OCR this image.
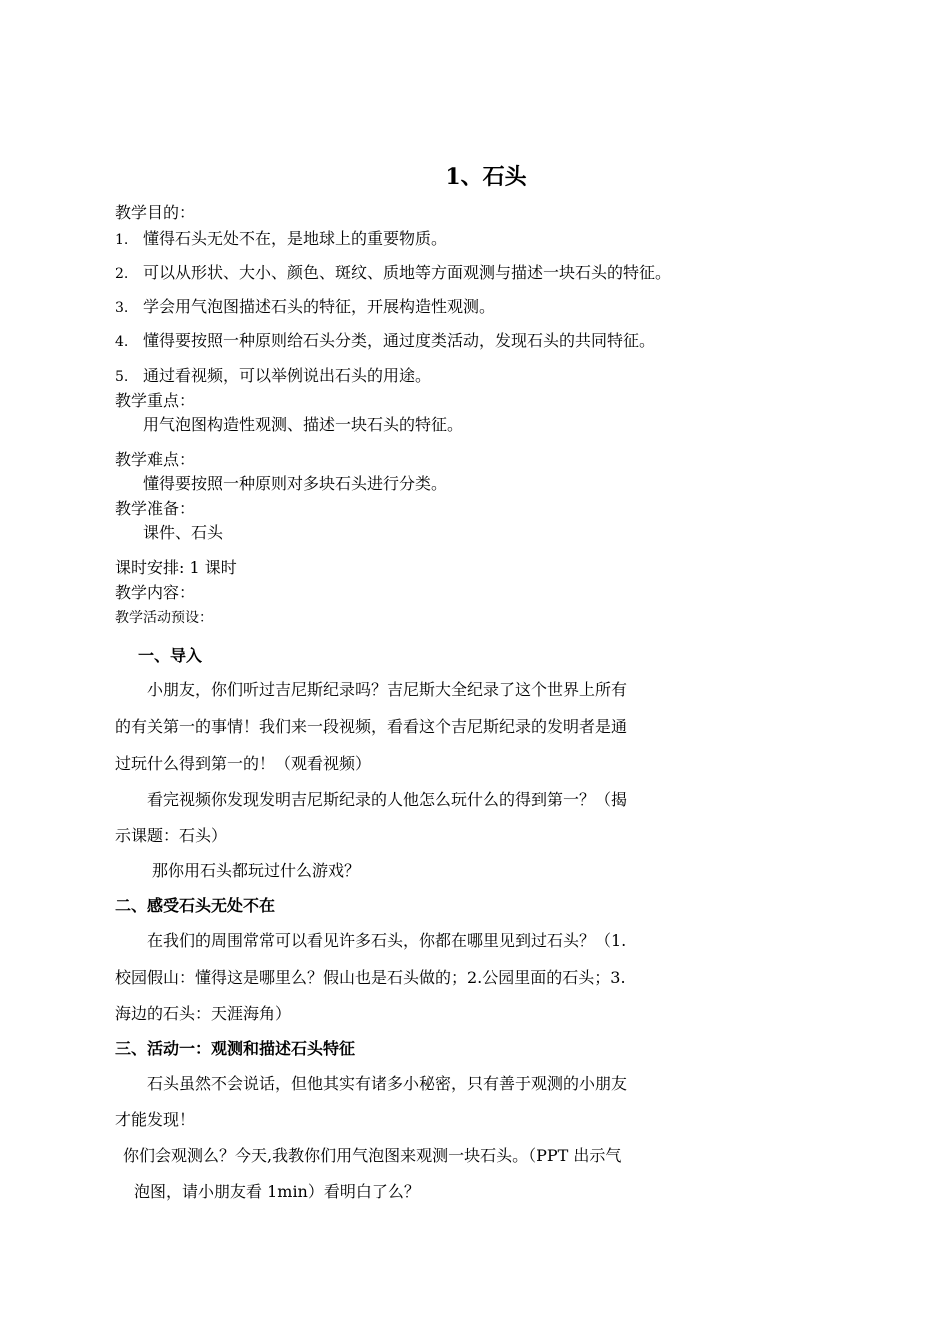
1、石头
教学目的：
1. 懂得石头无处不在，是地球上的重要物质。
2. 可以从形状、大小、颜色、斑纹、质地等方面观测与描述一块石头的特征。
3. 学会用气泡图描述石头的特征，开展构造性观测。
4. 懂得要按照一种原则给石头分类，通过度类活动，发现石头的共同特征。
5. 通过看视频，可以举例说出石头的用途。
教学重点：
用气泡图构造性观测、描述一块石头的特征。
教学难点：
懂得要按照一种原则对多块石头进行分类。
教学准备：
课件、石头
课时安排: 1 课时
教学内容：
教学活动预设：
一、导入
小朋友，你们听过吉尼斯纪录吗？吉尼斯大全纪录了这个世界上所有
的有关第一的事情！我们来一段视频，看看这个吉尼斯纪录的发明者是通
过玩什么得到第一的！（观看视频）
看完视频你发现发明吉尼斯纪录的人他怎么玩什么的得到第一？（揭
示课题：石头）
那你用石头都玩过什么游戏？
二、感受石头无处不在
在我们的周围常常可以看见许多石头，你都在哪里见到过石头？（1.
校园假山：懂得这是哪里么？假山也是石头做的；2.公园里面的石头；3.
海边的石头：天涯海角）
三、活动一：观测和描述石头特征
石头虽然不会说话，但他其实有诸多小秘密，只有善于观测的小朋友
才能发现！
你们会观测么？今天,我教你们用气泡图来观测一块石头。（PPT 出示气
泡图，请小朋友看 1min）看明白了么？
